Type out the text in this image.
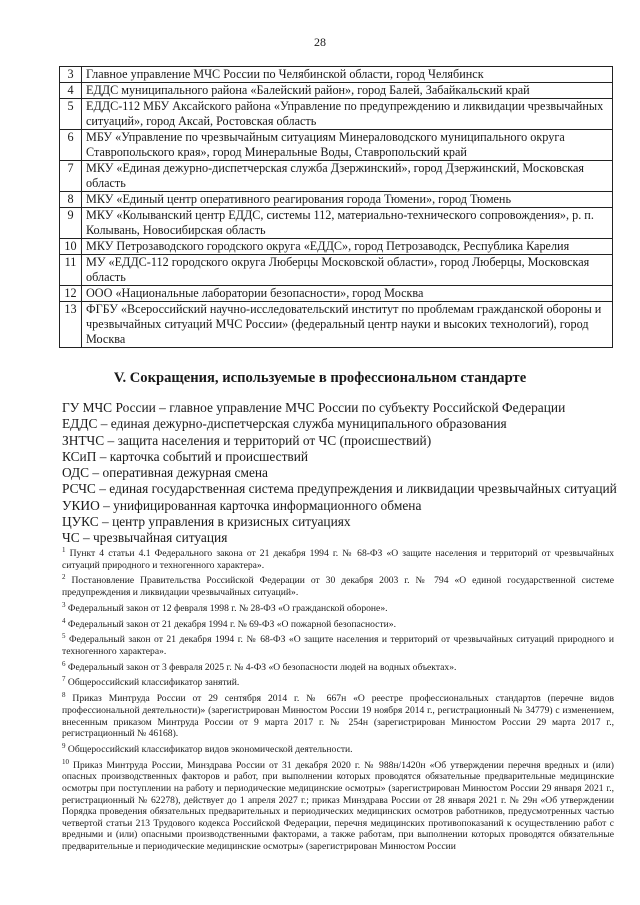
28
3	Главное управление МЧС России по Челябинской области, город Челябинск
4	ЕДДС муниципального района «Балейский район», город Балей, Забайкальский край
5	ЕДДС-112 МБУ Аксайского района «Управление по предупреждению и ликвидации чрезвычайных ситуаций», город Аксай, Ростовская область
6	МБУ «Управление по чрезвычайным ситуациям Минераловодского муниципального округа Ставропольского края», город Минеральные Воды, Ставропольский край
7	МКУ «Единая дежурно-диспетчерская служба Дзержинский», город Дзержинский, Московская область
8	МКУ «Единый центр оперативного реагирования города Тюмени», город Тюмень
9	МКУ «Колыванский центр ЕДДС, системы 112, материально-технического сопровождения», р. п. Колывань, Новосибирская область
10	МКУ Петрозаводского городского округа «ЕДДС», город Петрозаводск, Республика Карелия
11	МУ «ЕДДС-112 городского округа Люберцы Московской области», город Люберцы, Московская область
12	ООО «Национальные лаборатории безопасности», город Москва
13	ФГБУ «Всероссийский научно-исследовательский институт по проблемам гражданской обороны и чрезвычайных ситуаций МЧС России» (федеральный центр науки и высоких технологий), город Москва
V. Сокращения, используемые в профессиональном стандарте
ГУ МЧС России – главное управление МЧС России по субъекту Российской Федерации
ЕДДС – единая дежурно-диспетчерская служба муниципального образования
ЗНТЧС – защита населения и территорий от ЧС (происшествий)
КСиП – карточка событий и происшествий
ОДС – оперативная дежурная смена
РСЧС – единая государственная система предупреждения и ликвидации чрезвычайных ситуаций
УКИО – унифицированная карточка информационного обмена
ЦУКС – центр управления в кризисных ситуациях
ЧС – чрезвычайная ситуация

$^1$ Пункт 4 статьи 4.1 Федерального закона от 21 декабря 1994 г. № 68-ФЗ «О защите населения и территорий от чрезвычайных ситуаций природного и техногенного характера».

$^2$ Постановление Правительства Российской Федерации от 30 декабря 2003 г. № 794 «О единой государственной системе предупреждения и ликвидации чрезвычайных ситуаций».

$^3$ Федеральный закон от 12 февраля 1998 г. № 28-ФЗ «О гражданской обороне».

$^4$ Федеральный закон от 21 декабря 1994 г. № 69-ФЗ «О пожарной безопасности».

$^5$ Федеральный закон от 21 декабря 1994 г. № 68-ФЗ «О защите населения и территорий от чрезвычайных ситуаций природного и техногенного характера».

$^6$ Федеральный закон от 3 февраля 2025 г. № 4-ФЗ «О безопасности людей на водных объектах».

$^7$ Общероссийский классификатор занятий.

$^8$ Приказ Минтруда России от 29 сентября 2014 г. № 667н «О реестре профессиональных стандартов (перечне видов профессиональной деятельности)» (зарегистрирован Минюстом России 19 ноября 2014 г., регистрационный № 34779) с изменением, внесенным приказом Минтруда России от 9 марта 2017 г. № 254н (зарегистрирован Минюстом России 29 марта 2017 г., регистрационный № 46168).

$^9$ Общероссийский классификатор видов экономической деятельности.

$^{10}$ Приказ Минтруда России, Минздрава России от 31 декабря 2020 г. № 988н/1420н «Об утверждении перечня вредных и (или) опасных производственных факторов и работ, при выполнении которых проводятся обязательные предварительные медицинские осмотры при поступлении на работу и периодические медицинские осмотры» (зарегистрирован Минюстом России 29 января 2021 г., регистрационный № 62278), действует до 1 апреля 2027 г.; приказ Минздрава России от 28 января 2021 г. № 29н «Об утверждении Порядка проведения обязательных предварительных и периодических медицинских осмотров работников, предусмотренных частью четвертой статьи 213 Трудового кодекса Российской Федерации, перечня медицинских противопоказаний к осуществлению работ с вредными и (или) опасными производственными факторами, а также работам, при выполнении которых проводятся обязательные предварительные и периодические медицинские осмотры» (зарегистрирован Минюстом России
